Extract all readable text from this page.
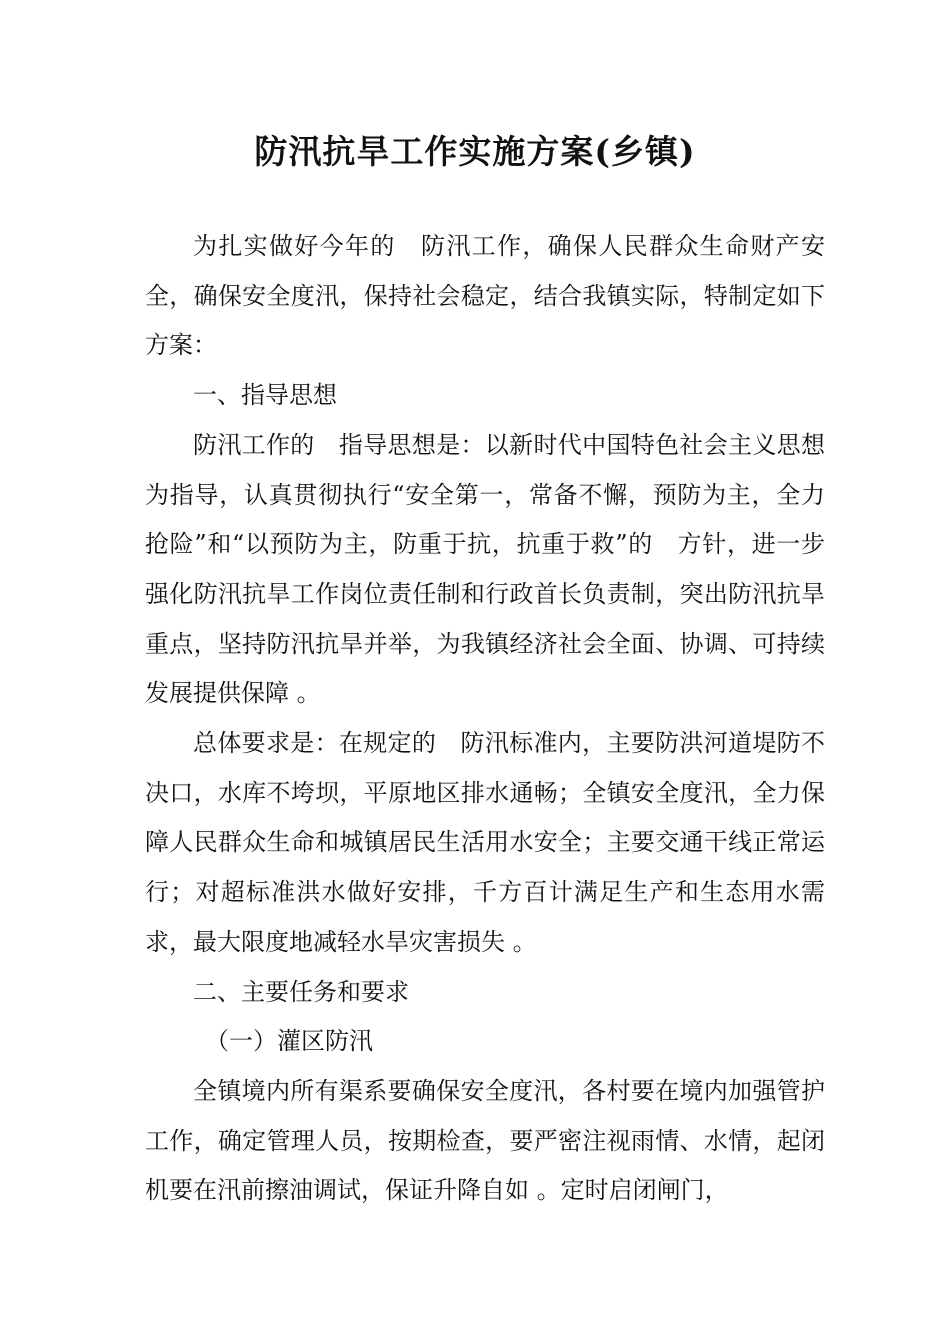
防汛抗旱工作实施方案(乡镇)

为扎实做好今年的　防汛工作，确保人民群众生命财产安全，确保安全度汛，保持社会稳定，结合我镇实际，特制定如下方案：

一、指导思想

防汛工作的　指导思想是：以新时代中国特色社会主义思想为指导，认真贯彻执行“安全第一，常备不懈，预防为主，全力抢险”和“以预防为主，防重于抗，抗重于救”的　方针，进一步强化防汛抗旱工作岗位责任制和行政首长负责制，突出防汛抗旱重点，坚持防汛抗旱并举，为我镇经济社会全面、协调、可持续发展提供保障 。

总体要求是：在规定的　防汛标准内，主要防洪河道堤防不决口，水库不垮坝，平原地区排水通畅；全镇安全度汛，全力保障人民群众生命和城镇居民生活用水安全；主要交通干线正常运行；对超标准洪水做好安排，千方百计满足生产和生态用水需求，最大限度地减轻水旱灾害损失 。

二、主要任务和要求

（一）灌区防汛

全镇境内所有渠系要确保安全度汛，各村要在境内加强管护工作，确定管理人员，按期检查，要严密注视雨情、水情，起闭机要在汛前擦油调试，保证升降自如 。定时启闭闸门，
